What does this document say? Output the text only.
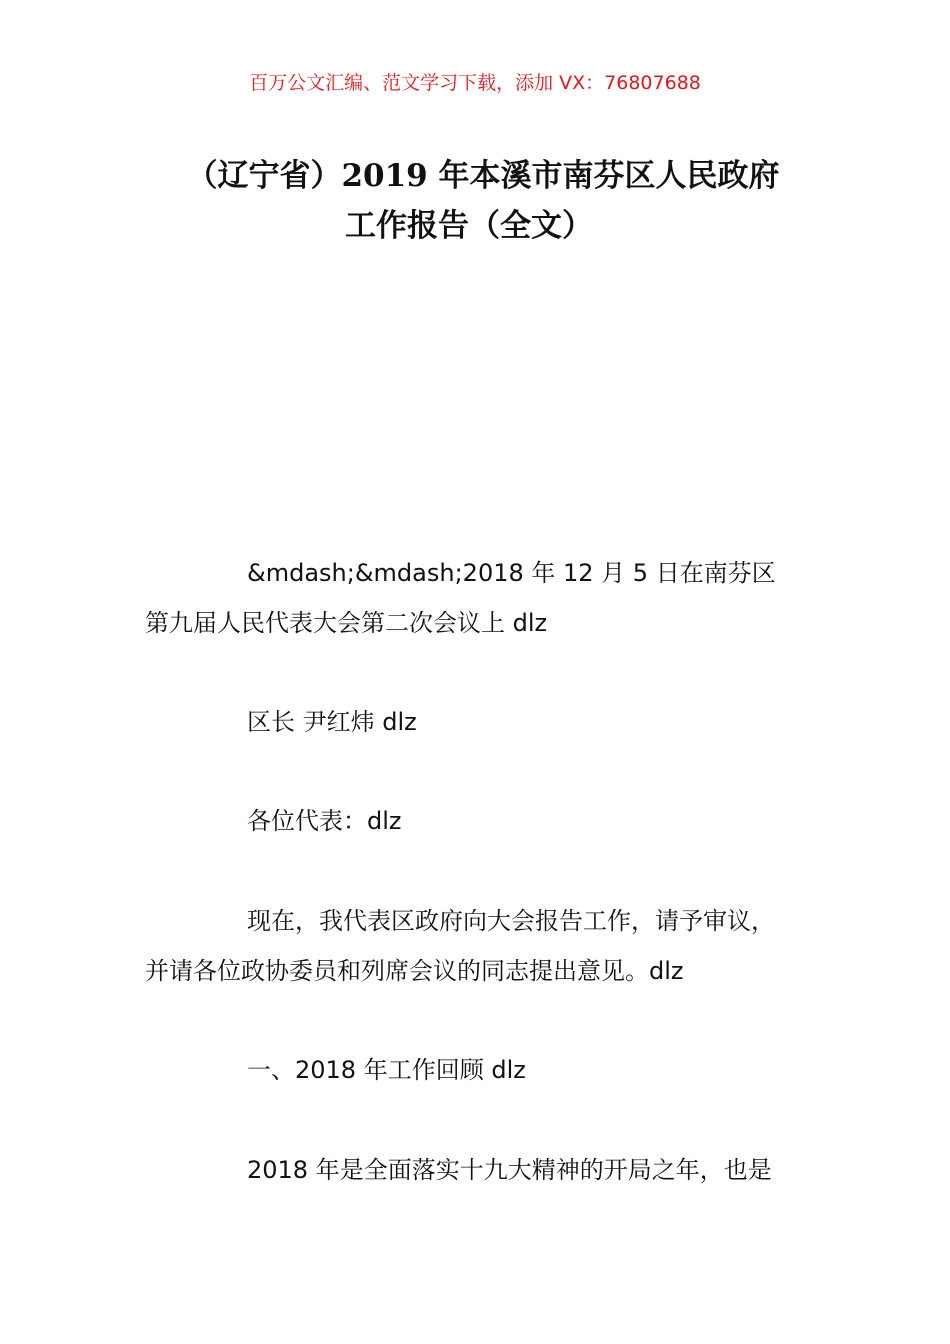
百万公文汇编、范文学习下载，添加 VX：76807688
（辽宁省）2019 年本溪市南芬区人民政府
工作报告（全文）
&mdash;&mdash;2018 年 12 月 5 日在南芬区
第九届人民代表大会第二次会议上 dlz
区长 尹红炜 dlz
各位代表：dlz
现在，我代表区政府向大会报告工作，请予审议，
并请各位政协委员和列席会议的同志提出意见。dlz
一、2018 年工作回顾 dlz
2018 年是全面落实十九大精神的开局之年，也是
